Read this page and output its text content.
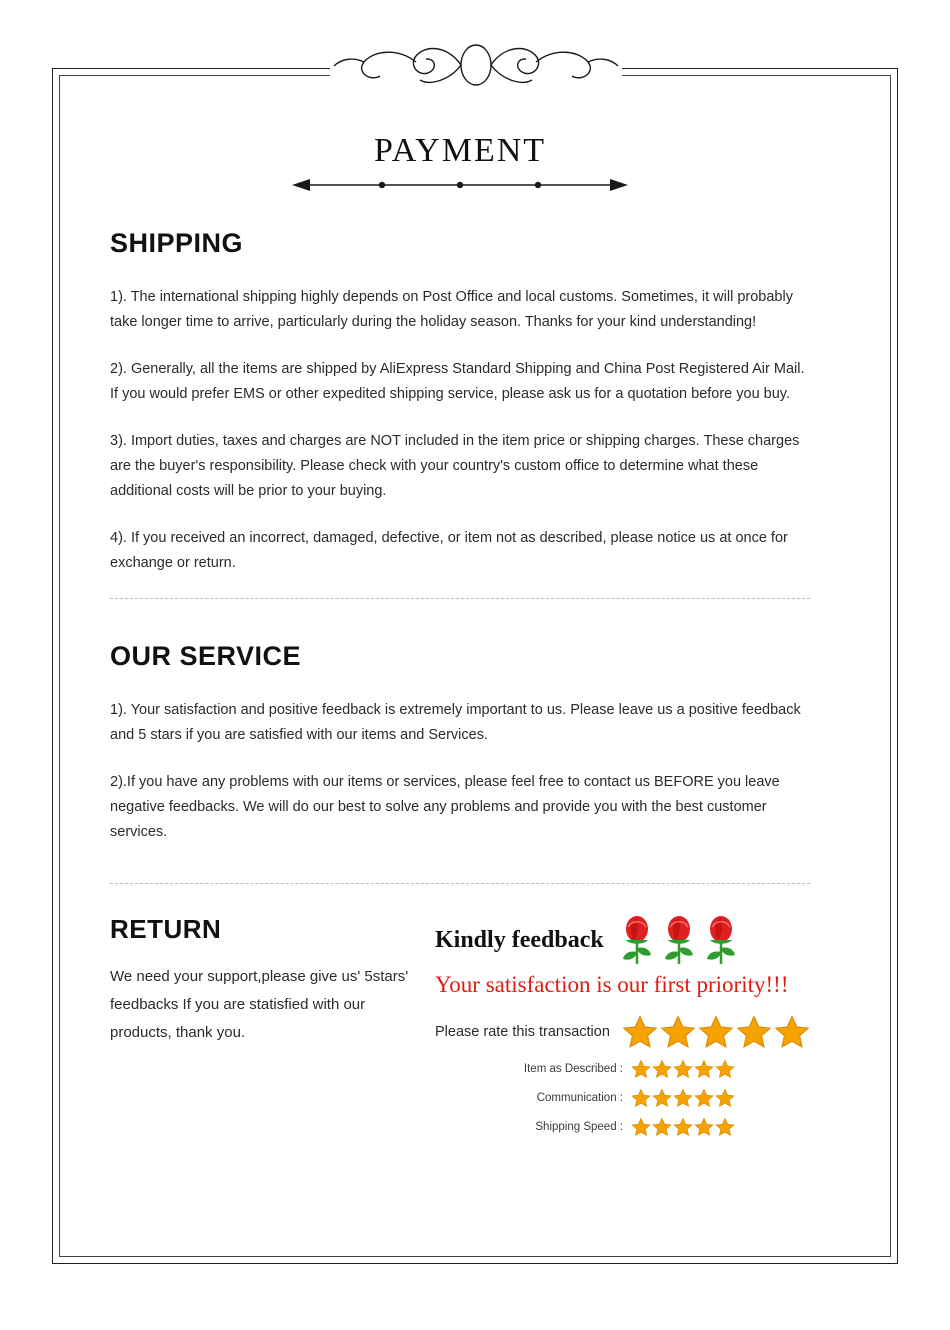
PAYMENT
SHIPPING

1). The international shipping highly depends on Post Office and local customs. Sometimes, it will probably take longer time to arrive, particularly during the holiday season. Thanks for your kind understanding!

2). Generally, all the items are shipped by AliExpress Standard Shipping and China Post Registered Air Mail. If you would prefer EMS or other expedited shipping service, please ask us for a quotation before you buy.

3). Import duties, taxes and charges are NOT included in the item price or shipping charges. These charges are the buyer's responsibility. Please check with your country's custom office to determine what these additional costs will be prior to your buying.

4). If you received an incorrect, damaged, defective, or item not as described, please notice us at once for exchange or return.

OUR SERVICE

1). Your satisfaction and positive feedback is extremely important to us. Please leave us a positive feedback and 5 stars if you are satisfied with our items and Services.

2).If you have any problems with our items or services, please feel free to contact us BEFORE you leave negative feedbacks. We will do our best to solve any problems and provide you with the best customer services.

RETURN

We need your support,please give us' 5stars' feedbacks If you are statisfied with our products, thank you.

Kindly feedback
Your satisfaction is our first priority!!!
Please rate this transaction
Item as Described :
Communication :
Shipping Speed :
